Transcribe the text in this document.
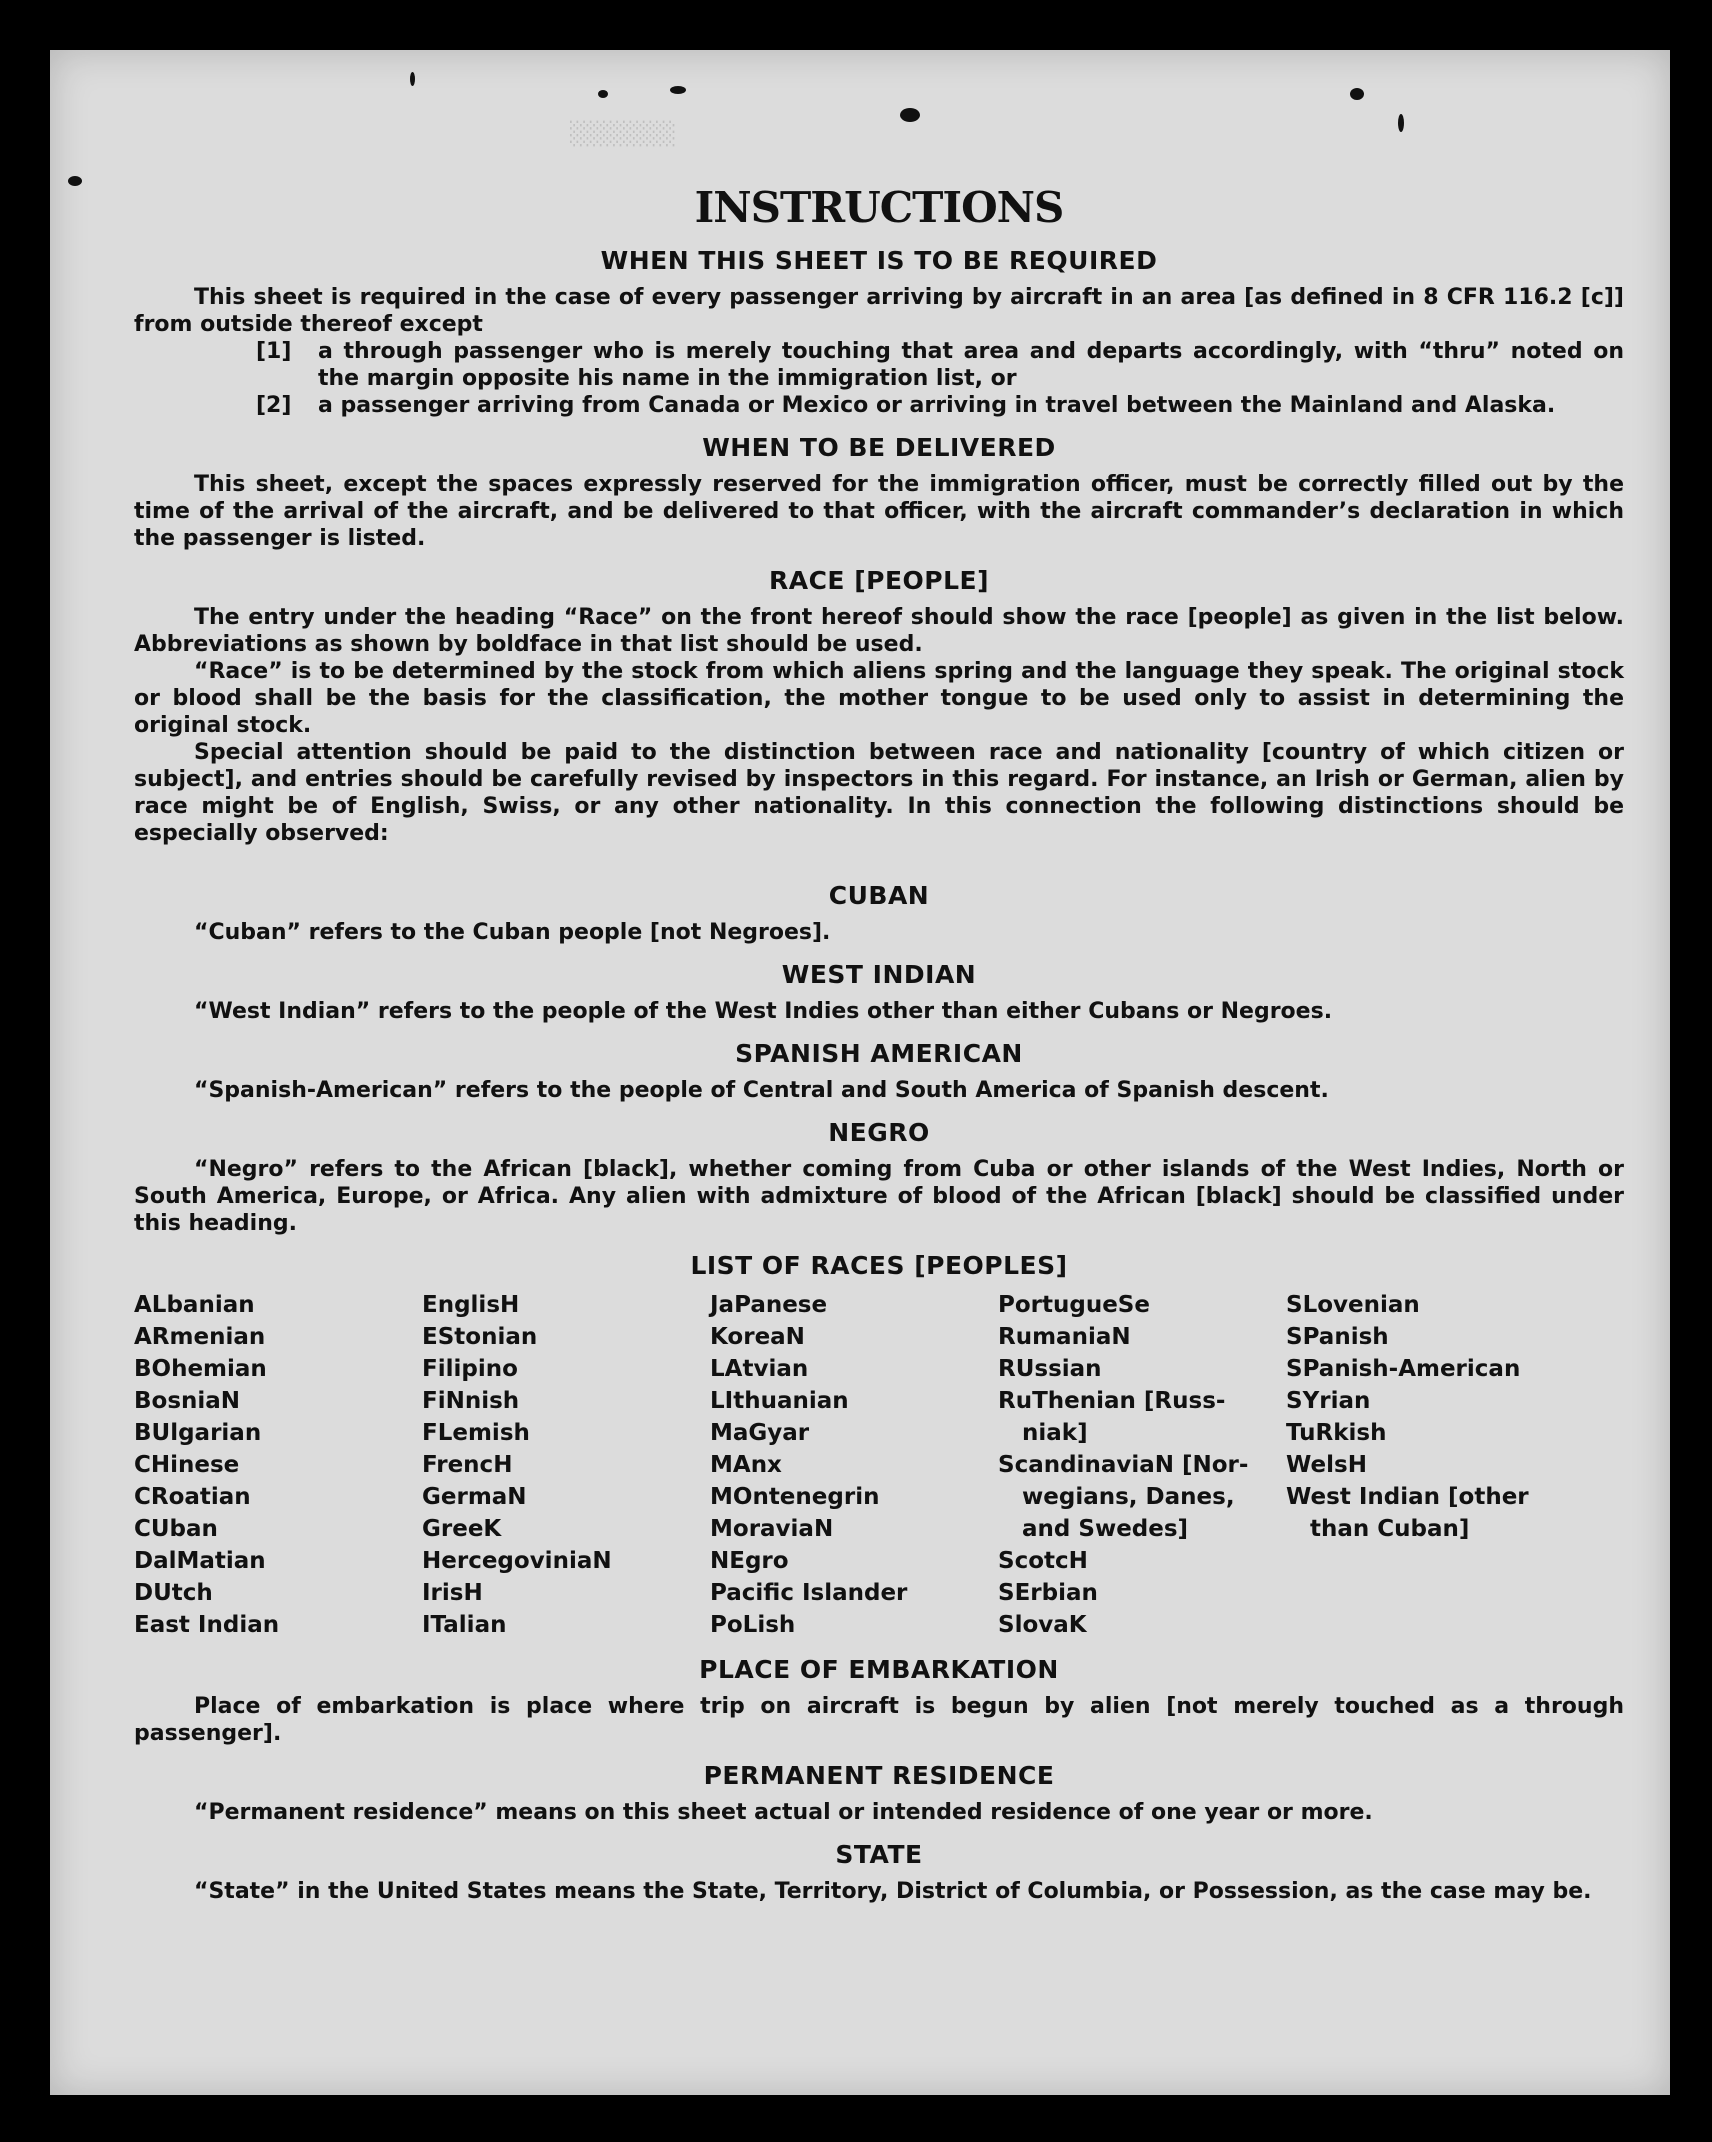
░░░░░░░░
INSTRUCTIONS
WHEN THIS SHEET IS TO BE REQUIRED

This sheet is required in the case of every passenger arriving by aircraft in an area [as defined in 8 CFR 116.2 [c]] from outside thereof except

[1]	a through passenger who is merely touching that area and departs accordingly, with “thru” noted on the margin opposite his name in the immigration list, or
[2]	a passenger arriving from Canada or Mexico or arriving in travel between the Mainland and Alaska.
WHEN TO BE DELIVERED

This sheet, except the spaces expressly reserved for the immigration officer, must be correctly filled out by the time of the arrival of the aircraft, and be delivered to that officer, with the aircraft commander’s declaration in which the passenger is listed.

RACE [PEOPLE]

The entry under the heading “Race” on the front hereof should show the race [people] as given in the list below. Abbreviations as shown by boldface in that list should be used.

“Race” is to be determined by the stock from which aliens spring and the language they speak. The original stock or blood shall be the basis for the classification, the mother tongue to be used only to assist in determining the original stock.

Special attention should be paid to the distinction between race and nationality [country of which citizen or subject], and entries should be carefully revised by inspectors in this regard. For instance, an Irish or German, alien by race might be of English, Swiss, or any other nationality. In this connection the following distinctions should be especially observed:

CUBAN

“Cuban” refers to the Cuban people [not Negroes].

WEST INDIAN

“West Indian” refers to the people of the West Indies other than either Cubans or Negroes.

SPANISH AMERICAN

“Spanish-American” refers to the people of Central and South America of Spanish descent.

NEGRO

“Negro” refers to the African [black], whether coming from Cuba or other islands of the West Indies, North or South America, Europe, or Africa. Any alien with admixture of blood of the African [black] should be classified under this heading.

LIST OF RACES [PEOPLES]
ALbanian
ARmenian
BOhemian
BosniaN
BUlgarian
CHinese
CRoatian
CUban
DalMatian
DUtch
East Indian
EnglisH
EStonian
Filipino
FiNnish
FLemish
FrencH
GermaN
GreeK
HercegoviniaN
IrisH
ITalian
JaPanese
KoreaN
LAtvian
LIthuanian
MaGyar
MAnx
MOntenegrin
MoraviaN
NEgro
Pacific Islander
PoLish
PortugueSe
RumaniaN
RUssian
RuThenian [Russ-
niak]
ScandinaviaN [Nor-
wegians, Danes,
and Swedes]
ScotcH
SErbian
SlovaK
SLovenian
SPanish
SPanish-American
SYrian
TuRkish
WelsH
West Indian [other
than Cuban]
PLACE OF EMBARKATION

Place of embarkation is place where trip on aircraft is begun by alien [not merely touched as a through passenger].

PERMANENT RESIDENCE

“Permanent residence” means on this sheet actual or intended residence of one year or more.

STATE

“State” in the United States means the State, Territory, District of Columbia, or Possession, as the case may be.
